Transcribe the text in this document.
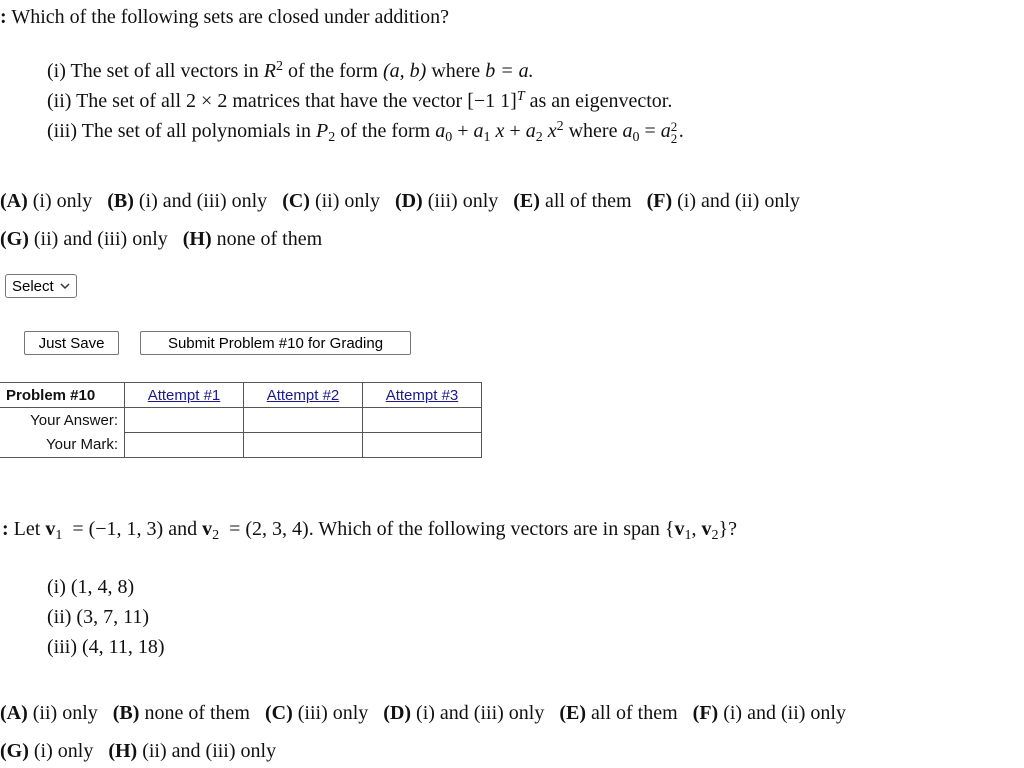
: Which of the following sets are closed under addition?
(i) The set of all vectors in $R^2$ of the form (a, b) where b = a.
(ii) The set of all 2 × 2 matrices that have the vector [−1 1]$^T$ as an eigenvector.
(iii) The set of all polynomials in $P_2$ of the form $a_0 + a_1$ $x + a_2$ $x^2$ where $a_0 = a$ 2
2 .
(A) (i) only (B) (i) and (iii) only (C) (ii) only (D) (iii) only (E) all of them (F) (i) and (ii) only
(G) (ii) and (iii) only (H) none of them
Select
Just Save	Submit Problem #10 for Grading
Problem #10	Attempt #1	Attempt #2	Attempt #3
Your Answer:			
Your Mark:			
: Let $v_1 = (-1$, 1, 3) and $v_2 = (2$, 3, 4). Which of the following vectors are in span {$v_1$, $v_2$}?
(i) (1, 4, 8)
(ii) (3, 7, 11)
(iii) (4, 11, 18)
(A) (ii) only (B) none of them (C) (iii) only (D) (i) and (iii) only (E) all of them (F) (i) and (ii) only
(G) (i) only (H) (ii) and (iii) only
